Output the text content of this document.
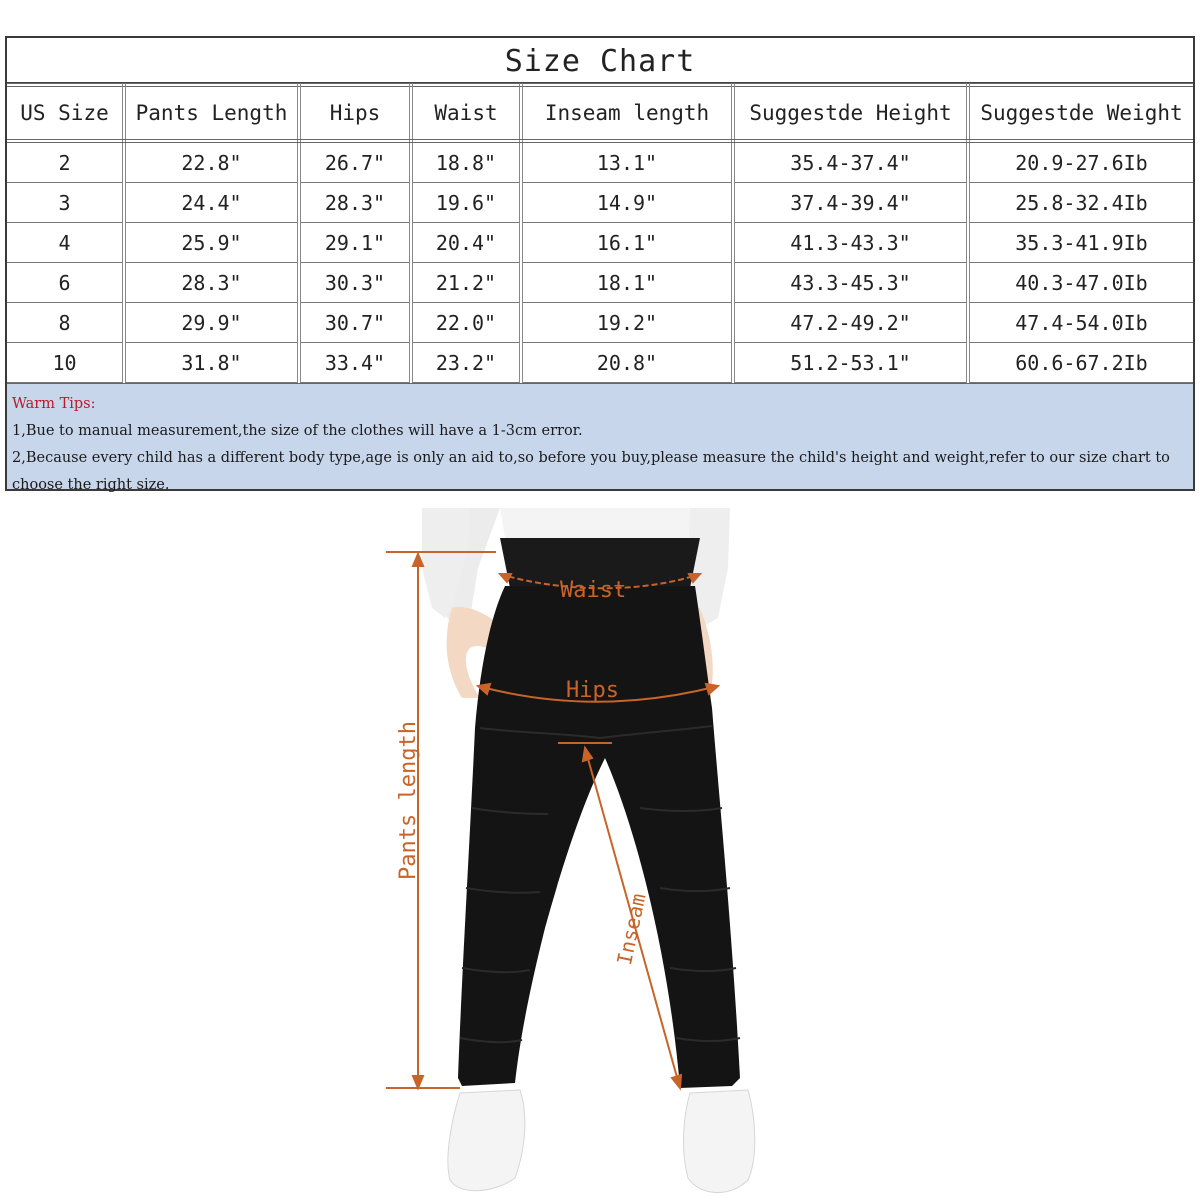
Size Chart
US Size	Pants Length	Hips	Waist	Inseam length	Suggestde Height	Suggestde Weight
2	22.8"	26.7"	18.8"	13.1"	35.4-37.4"	20.9-27.6Ib
3	24.4"	28.3"	19.6"	14.9"	37.4-39.4"	25.8-32.4Ib
4	25.9"	29.1"	20.4"	16.1"	41.3-43.3"	35.3-41.9Ib
6	28.3"	30.3"	21.2"	18.1"	43.3-45.3"	40.3-47.0Ib
8	29.9"	30.7"	22.0"	19.2"	47.2-49.2"	47.4-54.0Ib
10	31.8"	33.4"	23.2"	20.8"	51.2-53.1"	60.6-67.2Ib
Warm Tips:
1,Bue to manual measurement,the size of the clothes will have a 1-3cm error.
2,Because every child has a different body type,age is only an aid to,so before you buy,please measure the child's height and weight,refer to our size chart to choose the right size.
Waist
Hips
Pants length
Inseam
